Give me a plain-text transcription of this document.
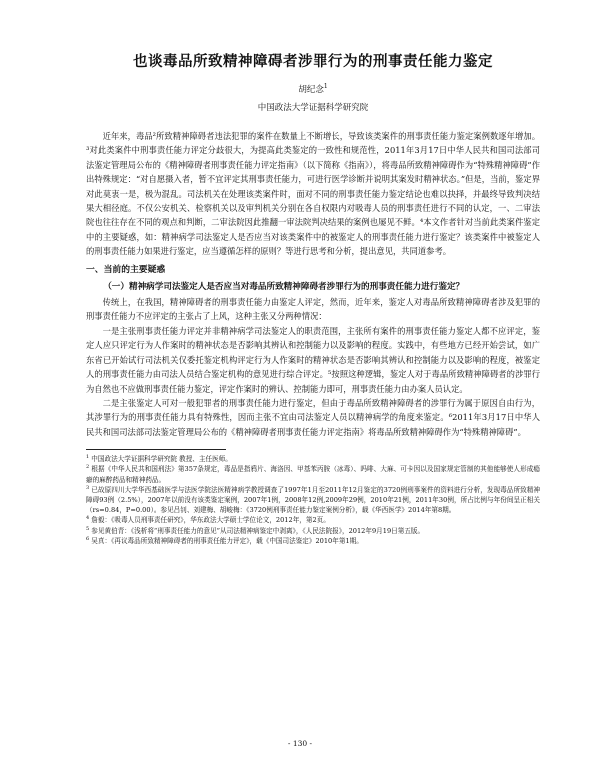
也谈毒品所致精神障碍者涉罪行为的刑事责任能力鉴定
胡纪念$^1$
中国政法大学证据科学研究院

近年来，毒品²所致精神障碍者违法犯罪的案件在数量上不断增长，导致该类案件的刑事责任能力鉴定案例数逐年增加。³对此类案件中刑事责任能力评定分歧很大，为提高此类鉴定的一致性和规范性，2011年3月17日中华人民共和国司法部司法鉴定管理局公布的《精神障碍者刑事责任能力评定指南》（以下简称《指南》），将毒品所致精神障碍作为“特殊精神障碍”作出特殊规定：“对自愿摄入者，暂不宜评定其刑事责任能力，可进行医学诊断并说明其案发时精神状态。”但是，当前，鉴定界对此莫衷一是，极为混乱。司法机关在处理该类案件时，面对不同的刑事责任能力鉴定结论也难以抉择，并最终导致判决结果大相径庭。不仅公安机关、检察机关以及审判机关分别在各自权限内对吸毒人员的刑事责任进行不同的认定，一、二审法院也往往存在不同的观点和判断，二审法院因此推翻一审法院判决结果的案例也屡见不鲜。⁴本文作者针对当前此类案件鉴定中的主要疑惑，如：精神病学司法鉴定人是否应当对该类案件中的被鉴定人的刑事责任能力进行鉴定？该类案件中被鉴定人的刑事责任能力如果进行鉴定，应当遵循怎样的原则？等进行思考和分析，提出意见，共同道参考。

一、当前的主要疑惑

（一）精神病学司法鉴定人是否应当对毒品所致精神障碍者涉罪行为的刑事责任能力进行鉴定？

传统上，在我国，精神障碍者的刑事责任能力由鉴定人评定，然而，近年来，鉴定人对毒品所致精神障碍者涉及犯罪的刑事责任能力不应评定的主张占了上风，这种主张又分两种情况：

一是主张刑事责任能力评定并非精神病学司法鉴定人的职责范围，主张所有案件的刑事责任能力鉴定人都不应评定，鉴定人应只评定行为人作案时的精神状态是否影响其辨认和控制能力以及影响的程度。实践中，有些地方已经开始尝试，如广东省已开始试行司法机关仅委托鉴定机构评定行为人作案时的精神状态是否影响其辨认和控制能力以及影响的程度，被鉴定人的刑事责任能力由司法人员结合鉴定机构的意见进行综合评定。⁵按照这种逻辑，鉴定人对于毒品所致精神障碍者的涉罪行为自然也不应做刑事责任能力鉴定，评定作案时的辨认、控制能力即可，刑事责任能力由办案人员认定。

二是主张鉴定人可对一般犯罪者的刑事责任能力进行鉴定，但由于毒品所致精神障碍者的涉罪行为属于原因自由行为，其涉罪行为的刑事责任能力具有特殊性，因而主张不宜由司法鉴定人员以精神病学的角度来鉴定。⁶2011年3月17日中华人民共和国司法部司法鉴定管理局公布的《精神障碍者刑事责任能力评定指南》将毒品所致精神障碍作为“特殊精神障碍”。

$^1$ 中国政法大学证据科学研究院 教授、主任医师。

$^2$ 根据《中华人民共和国刑法》第357条规定，毒品是指鸦片、海洛因、甲基苯丙胺（冰毒）、吗啡、大麻、可卡因以及国家规定管制的其他能够使人形成瘾癖的麻醉药品和精神药品。

$^3$ 已故原四川大学华西基础医学与法医学院法医精神病学教授调查了1997年1月至2011年12月鉴定的3720例刑事案件的资料进行分析，发现毒品所致精神障碍93例（2.5%），2007年以前没有该类鉴定案例，2007年1例，2008年12例,2009年29例，2010年21例，2011年30例，所占比例与年份间呈正相关（rs=0.84，P=0.00）。参见吕钊、刘建梅、胡峻梅：《3720例刑事责任能力鉴定案例分析》，载《华西医学》2014年第8期。

$^4$ 詹毅：《吸毒人员刑事责任研究》，华东政法大学硕士学位论文，2012年，第2页。

$^5$ 参见黄伯青：《浅析将“刑事责任能力的意见”从司法精神病鉴定中剥离》，《人民法院报》，2012年9月19日第五版。

$^6$ 吴真：《再议毒品所致精神障碍者的刑事责任能力评定》，载《中国司法鉴定》2010年第1期。

- 130 -
